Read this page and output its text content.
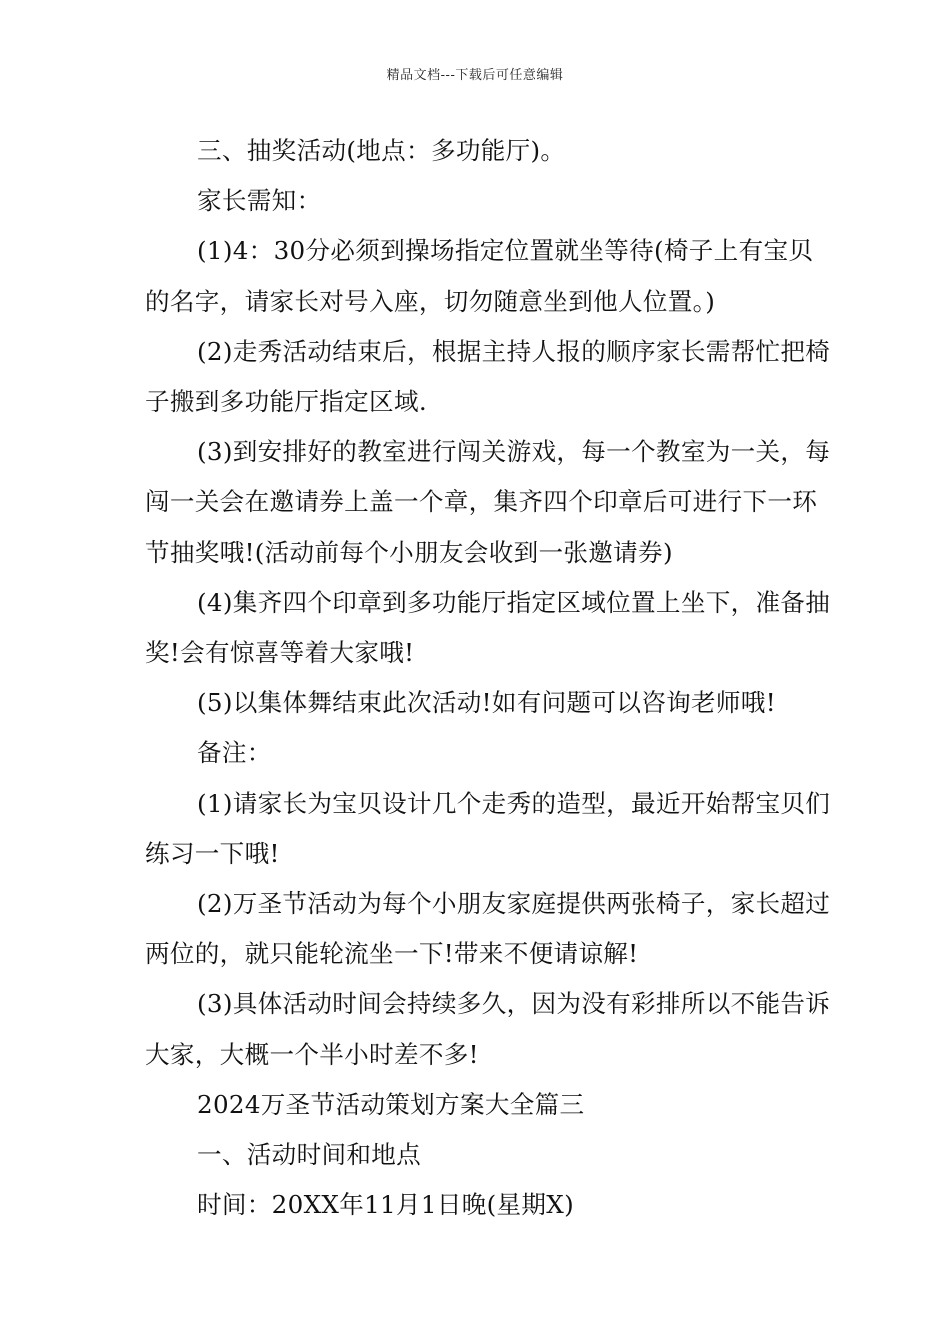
精品文档---下载后可任意编辑

三、抽奖活动(地点：多功能厅)。

家长需知：

(1)4：30分必须到操场指定位置就坐等待(椅子上有宝贝的名字，请家长对号入座，切勿随意坐到他人位置。)

(2)走秀活动结束后，根据主持人报的顺序家长需帮忙把椅子搬到多功能厅指定区域.

(3)到安排好的教室进行闯关游戏，每一个教室为一关，每闯一关会在邀请券上盖一个章，集齐四个印章后可进行下一环节抽奖哦!(活动前每个小朋友会收到一张邀请券)

(4)集齐四个印章到多功能厅指定区域位置上坐下，准备抽奖!会有惊喜等着大家哦!

(5)以集体舞结束此次活动!如有问题可以咨询老师哦!

备注：

(1)请家长为宝贝设计几个走秀的造型，最近开始帮宝贝们练习一下哦!

(2)万圣节活动为每个小朋友家庭提供两张椅子，家长超过两位的，就只能轮流坐一下!带来不便请谅解!

(3)具体活动时间会持续多久，因为没有彩排所以不能告诉大家，大概一个半小时差不多!

2024万圣节活动策划方案大全篇三

一、活动时间和地点

时间：20XX年11月1日晚(星期X)
